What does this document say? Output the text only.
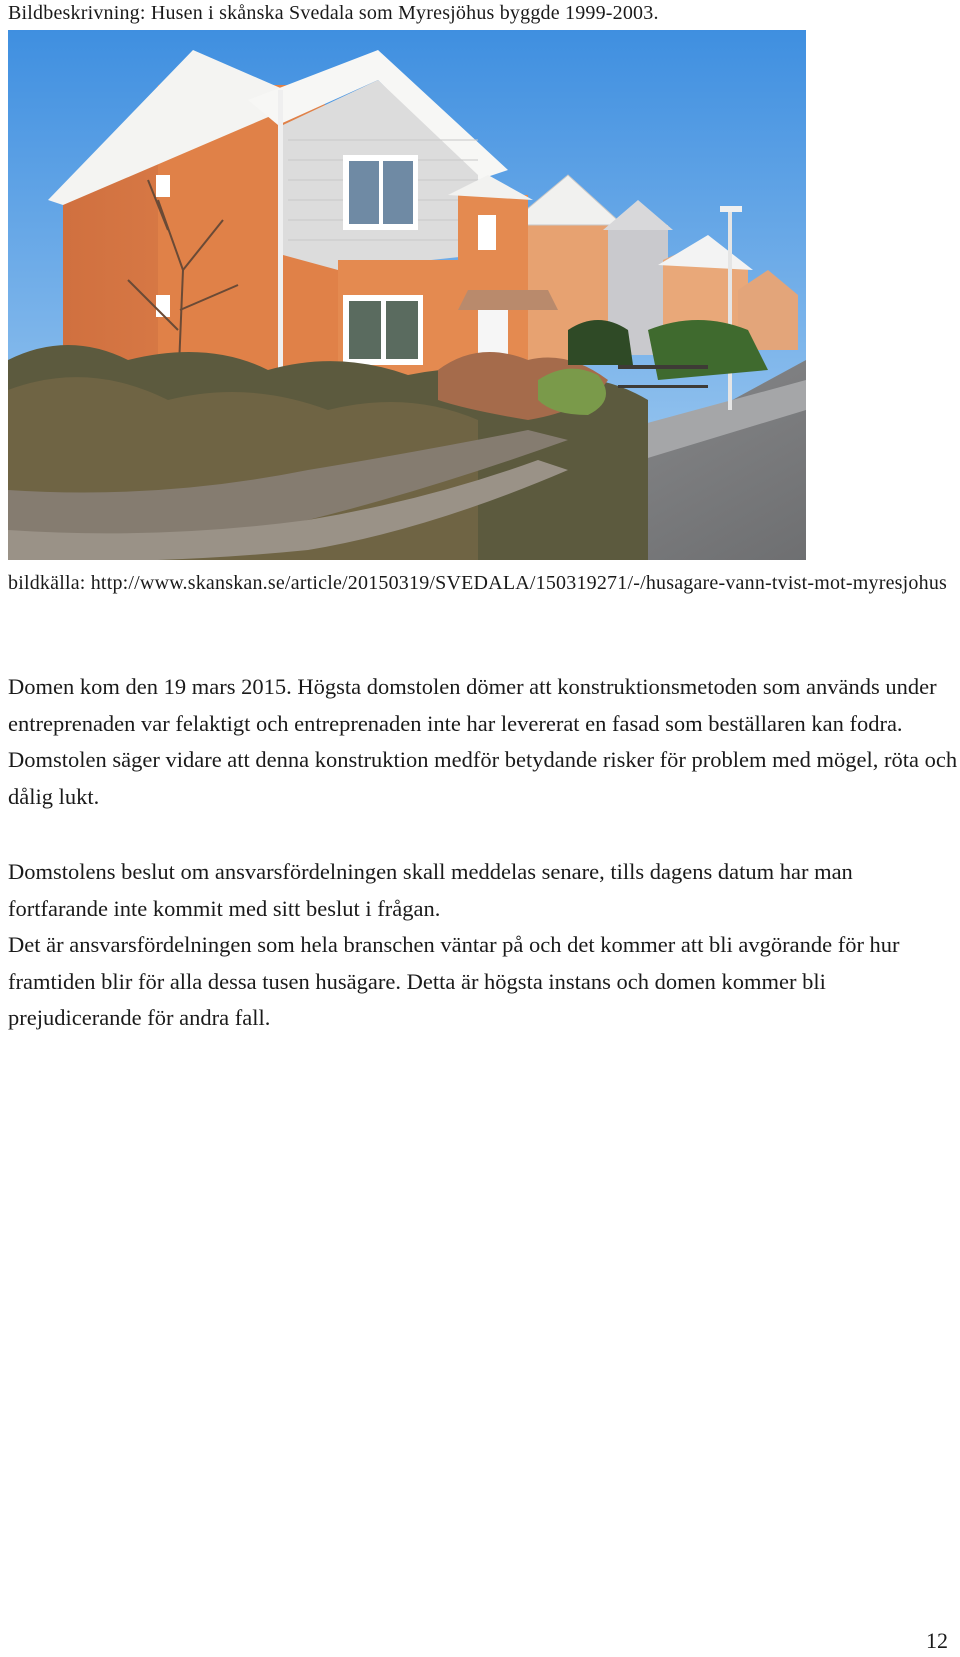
Bildbeskrivning: Husen i skånska Svedala som Myresjöhus byggde 1999-2003.
bildkälla: http://www.skanskan.se/article/20150319/SVEDALA/150319271/-/husagare-vann-tvist-mot-myresjohus

Domen kom den 19 mars 2015. Högsta domstolen dömer att konstruktionsmetoden som används under entreprenaden var felaktigt och entreprenaden inte har levererat en fasad som beställaren kan fodra. Domstolen säger vidare att denna konstruktion medför betydande risker för problem med mögel, röta och dålig lukt.

Domstolens beslut om ansvarsfördelningen skall meddelas senare, tills dagens datum har man fortfarande inte kommit med sitt beslut i frågan.

Det är ansvarsfördelningen som hela branschen väntar på och det kommer att bli avgörande för hur framtiden blir för alla dessa tusen husägare. Detta är högsta instans och domen kommer bli prejudicerande för andra fall.

12
